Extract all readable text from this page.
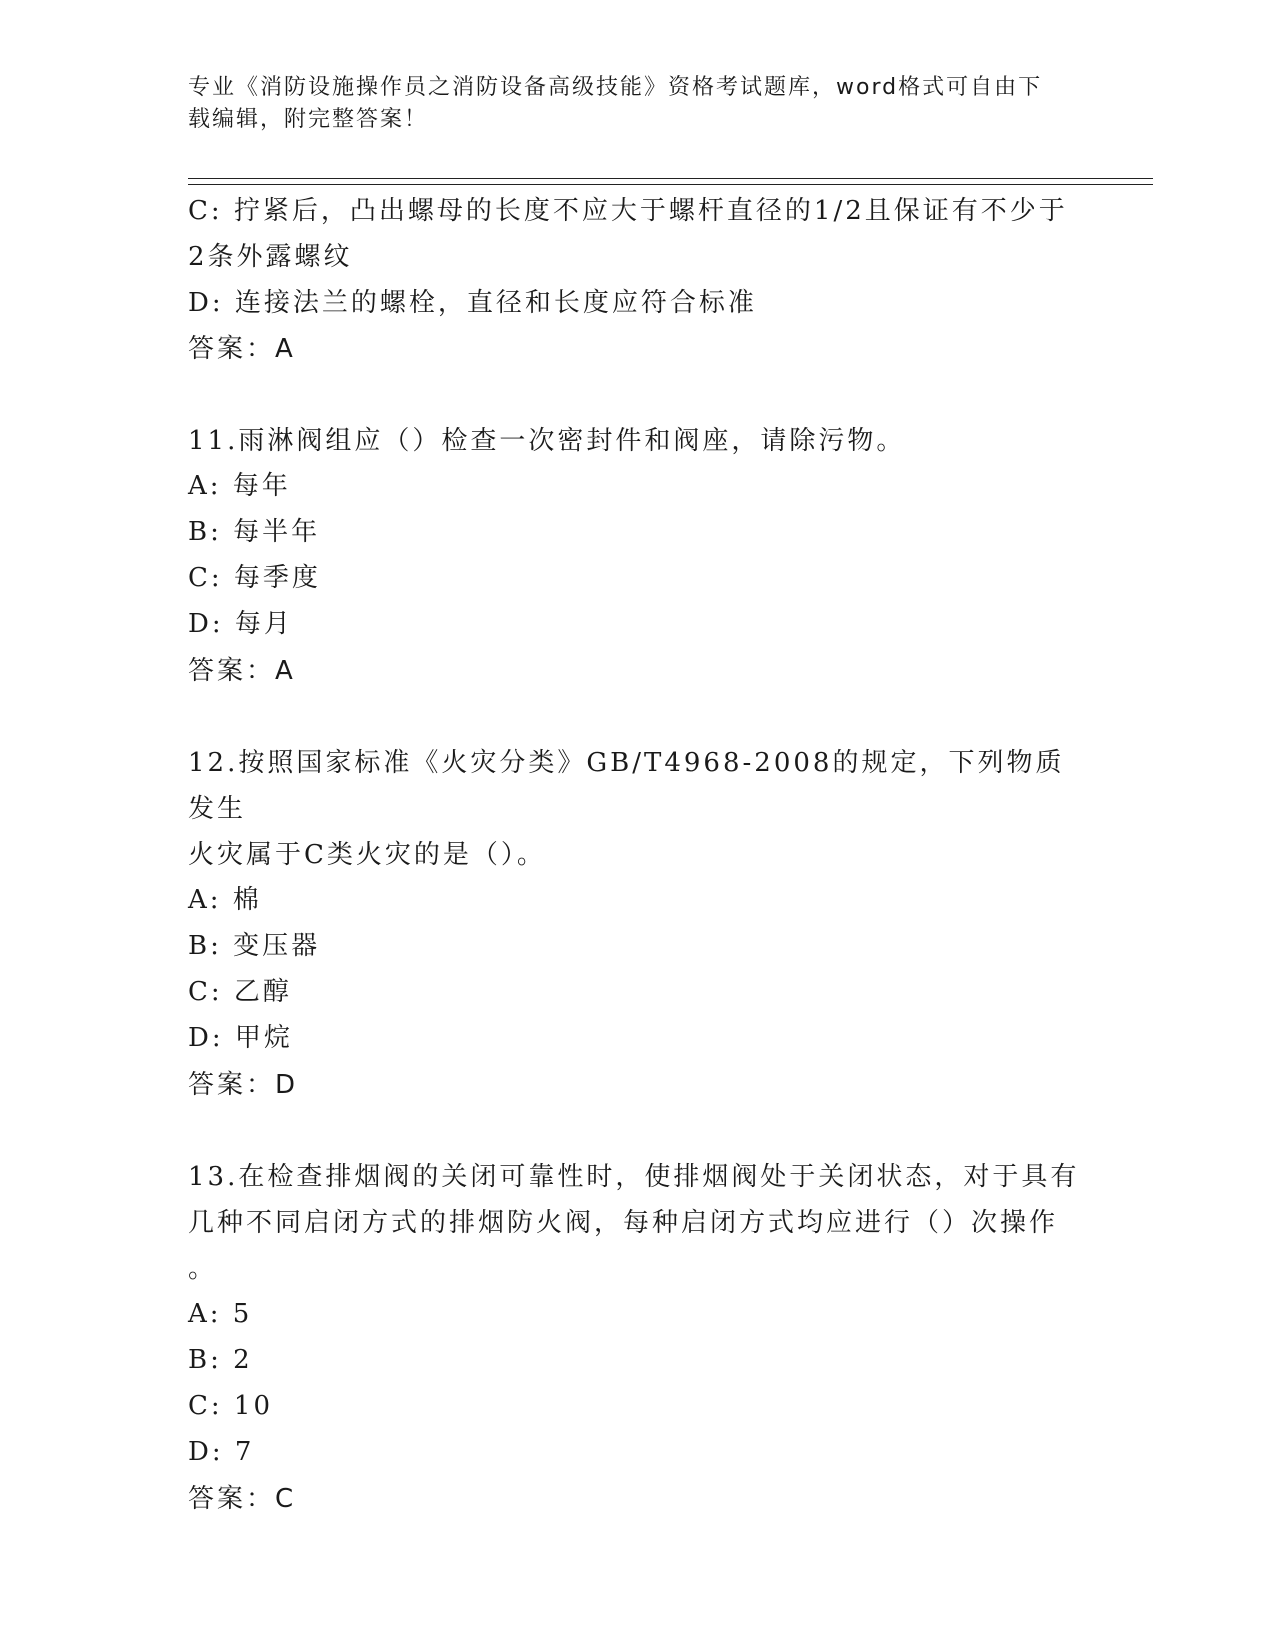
专业《消防设施操作员之消防设备高级技能》资格考试题库，word格式可自由下
载编辑，附完整答案！
C: 拧紧后，凸出螺母的长度不应大于螺杆直径的1/2且保证有不少于
2条外露螺纹
D: 连接法兰的螺栓，直径和长度应符合标准
答案：A
11.雨淋阀组应（）检查一次密封件和阀座，请除污物。
A: 每年
B: 每半年
C: 每季度
D: 每月
答案：A
12.按照国家标准《火灾分类》GB/T4968-2008的规定，下列物质发生
火灾属于C类火灾的是（）。
A: 棉
B: 变压器
C: 乙醇
D: 甲烷
答案：D
13.在检查排烟阀的关闭可靠性时，使排烟阀处于关闭状态，对于具有
几种不同启闭方式的排烟防火阀，每种启闭方式均应进行（）次操作
。
A: 5
B: 2
C: 10
D: 7
答案：C
